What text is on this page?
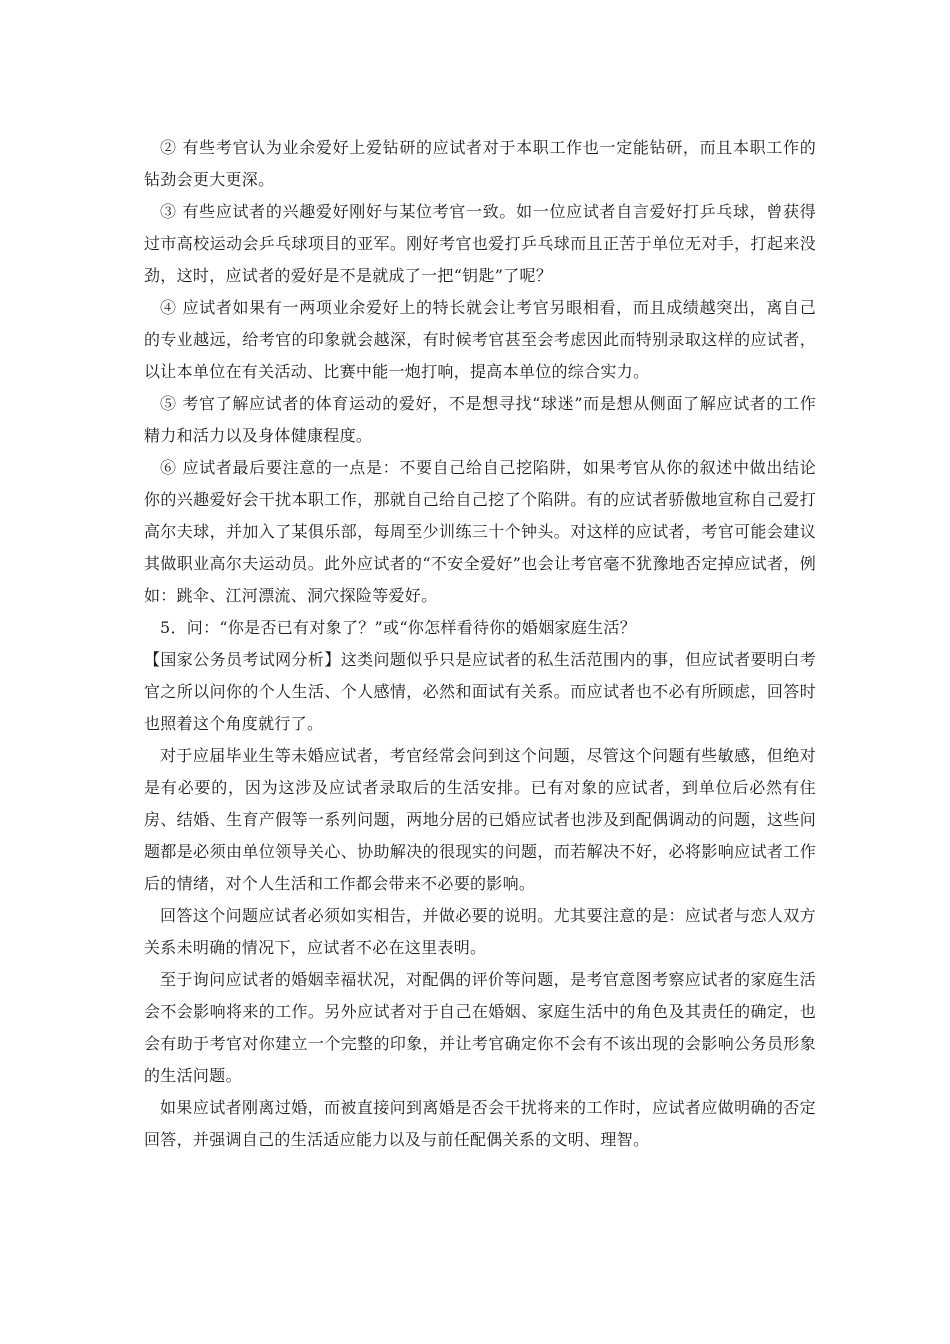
② 有些考官认为业余爱好上爱钻研的应试者对于本职工作也一定能钻研，而且本职工作的钻劲会更大更深。

③ 有些应试者的兴趣爱好刚好与某位考官一致。如一位应试者自言爱好打乒乓球，曾获得过市高校运动会乒乓球项目的亚军。刚好考官也爱打乒乓球而且正苦于单位无对手，打起来没劲，这时，应试者的爱好是不是就成了一把“钥匙”了呢？

④ 应试者如果有一两项业余爱好上的特长就会让考官另眼相看，而且成绩越突出，离自己的专业越远，给考官的印象就会越深，有时候考官甚至会考虑因此而特别录取这样的应试者，以让本单位在有关活动、比赛中能一炮打响，提高本单位的综合实力。

⑤ 考官了解应试者的体育运动的爱好，不是想寻找“球迷”而是想从侧面了解应试者的工作精力和活力以及身体健康程度。

⑥ 应试者最后要注意的一点是：不要自己给自己挖陷阱，如果考官从你的叙述中做出结论你的兴趣爱好会干扰本职工作，那就自己给自己挖了个陷阱。有的应试者骄傲地宣称自己爱打高尔夫球，并加入了某俱乐部，每周至少训练三十个钟头。对这样的应试者，考官可能会建议其做职业高尔夫运动员。此外应试者的“不安全爱好”也会让考官毫不犹豫地否定掉应试者，例如：跳伞、江河漂流、洞穴探险等爱好。

5．问：“你是否已有对象了？”或“你怎样看待你的婚姻家庭生活？

【国家公务员考试网分析】这类问题似乎只是应试者的私生活范围内的事，但应试者要明白考官之所以问你的个人生活、个人感情，必然和面试有关系。而应试者也不必有所顾虑，回答时也照着这个角度就行了。

对于应届毕业生等未婚应试者，考官经常会问到这个问题，尽管这个问题有些敏感，但绝对是有必要的，因为这涉及应试者录取后的生活安排。已有对象的应试者，到单位后必然有住房、结婚、生育产假等一系列问题，两地分居的已婚应试者也涉及到配偶调动的问题，这些问题都是必须由单位领导关心、协助解决的很现实的问题，而若解决不好，必将影响应试者工作后的情绪，对个人生活和工作都会带来不必要的影响。

回答这个问题应试者必须如实相告，并做必要的说明。尤其要注意的是：应试者与恋人双方关系未明确的情况下，应试者不必在这里表明。

至于询问应试者的婚姻幸福状况，对配偶的评价等问题，是考官意图考察应试者的家庭生活会不会影响将来的工作。另外应试者对于自己在婚姻、家庭生活中的角色及其责任的确定，也会有助于考官对你建立一个完整的印象，并让考官确定你不会有不该出现的会影响公务员形象的生活问题。

如果应试者刚离过婚，而被直接问到离婚是否会干扰将来的工作时，应试者应做明确的否定回答，并强调自己的生活适应能力以及与前任配偶关系的文明、理智。
